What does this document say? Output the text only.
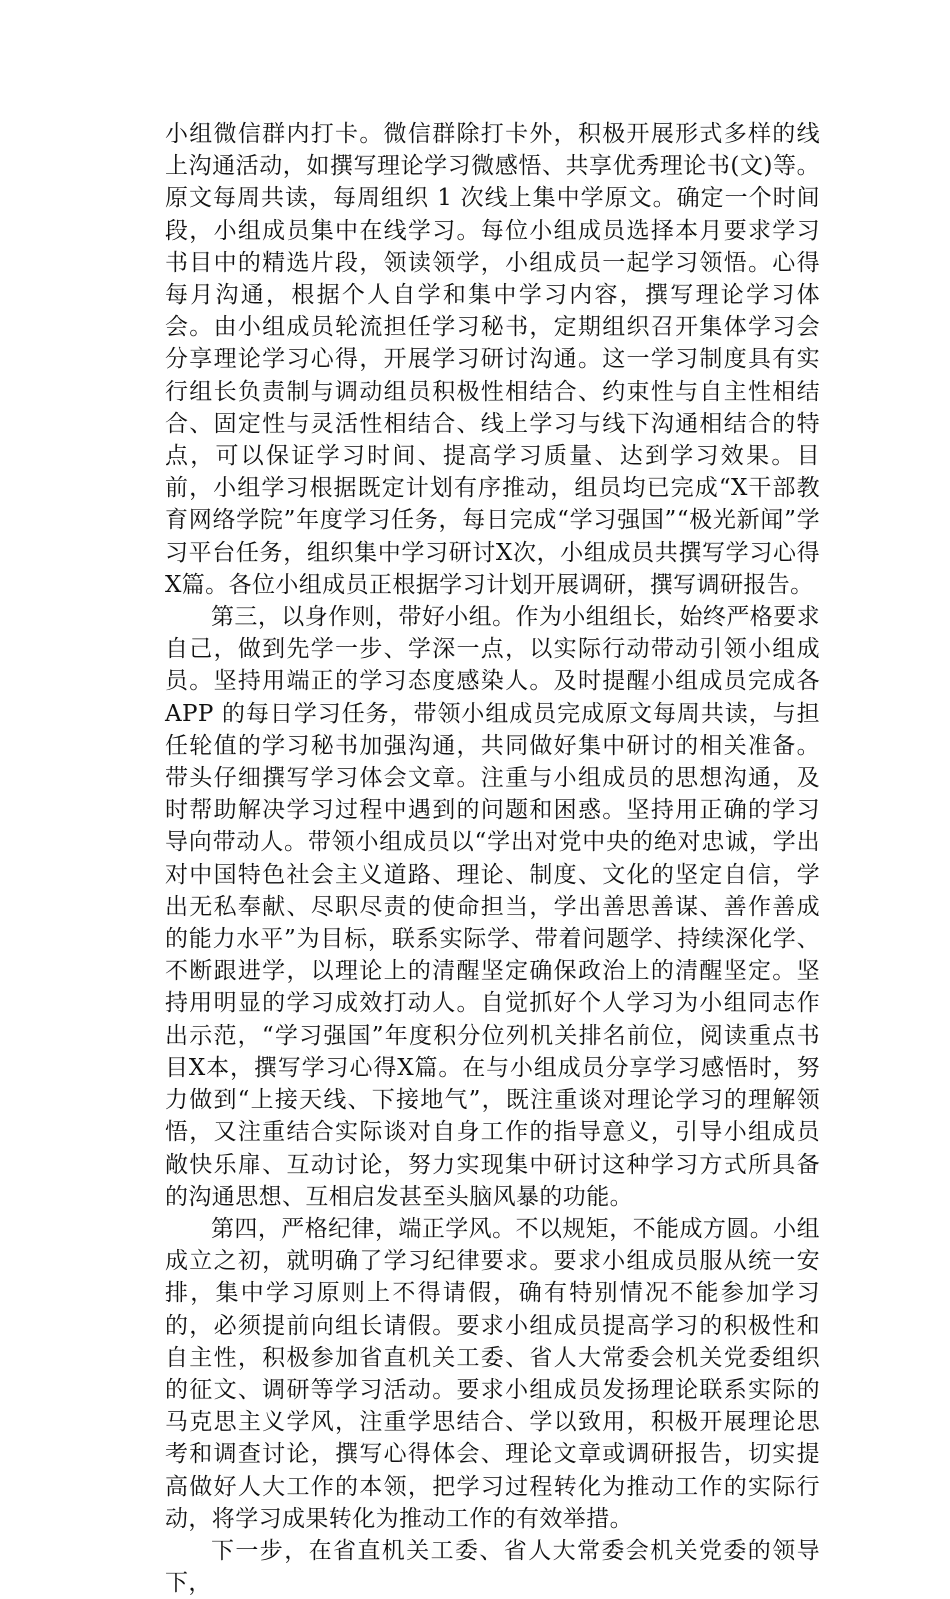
小组微信群内打卡。微信群除打卡外，积极开展形式多样的线上沟通活动，如撰写理论学习微感悟、共享优秀理论书(文)等。原文每周共读，每周组织 1 次线上集中学原文。确定一个时间段，小组成员集中在线学习。每位小组成员选择本月要求学习书目中的精选片段，领读领学，小组成员一起学习领悟。心得每月沟通，根据个人自学和集中学习内容，撰写理论学习体会。由小组成员轮流担任学习秘书，定期组织召开集体学习会分享理论学习心得，开展学习研讨沟通。这一学习制度具有实行组长负责制与调动组员积极性相结合、约束性与自主性相结合、固定性与灵活性相结合、线上学习与线下沟通相结合的特点，可以保证学习时间、提高学习质量、达到学习效果。目前，小组学习根据既定计划有序推动，组员均已完成“X干部教育网络学院”年度学习任务，每日完成“学习强国”“极光新闻”学习平台任务，组织集中学习研讨X次，小组成员共撰写学习心得X篇。各位小组成员正根据学习计划开展调研，撰写调研报告。

第三，以身作则，带好小组。作为小组组长，始终严格要求自己，做到先学一步、学深一点，以实际行动带动引领小组成员。坚持用端正的学习态度感染人。及时提醒小组成员完成各 APP 的每日学习任务，带领小组成员完成原文每周共读，与担任轮值的学习秘书加强沟通，共同做好集中研讨的相关准备。带头仔细撰写学习体会文章。注重与小组成员的思想沟通，及时帮助解决学习过程中遇到的问题和困惑。坚持用正确的学习导向带动人。带领小组成员以“学出对党中央的绝对忠诚，学出对中国特色社会主义道路、理论、制度、文化的坚定自信，学出无私奉献、尽职尽责的使命担当，学出善思善谋、善作善成的能力水平”为目标，联系实际学、带着问题学、持续深化学、不断跟进学，以理论上的清醒坚定确保政治上的清醒坚定。坚持用明显的学习成效打动人。自觉抓好个人学习为小组同志作出示范，“学习强国”年度积分位列机关排名前位，阅读重点书目X本，撰写学习心得X篇。在与小组成员分享学习感悟时，努力做到“上接天线、下接地气”，既注重谈对理论学习的理解领悟，又注重结合实际谈对自身工作的指导意义，引导小组成员敞快乐扉、互动讨论，努力实现集中研讨这种学习方式所具备的沟通思想、互相启发甚至头脑风暴的功能。

第四，严格纪律，端正学风。不以规矩，不能成方圆。小组成立之初，就明确了学习纪律要求。要求小组成员服从统一安排，集中学习原则上不得请假，确有特别情况不能参加学习的，必须提前向组长请假。要求小组成员提高学习的积极性和自主性，积极参加省直机关工委、省人大常委会机关党委组织的征文、调研等学习活动。要求小组成员发扬理论联系实际的马克思主义学风，注重学思结合、学以致用，积极开展理论思考和调查讨论，撰写心得体会、理论文章或调研报告，切实提高做好人大工作的本领，把学习过程转化为推动工作的实际行动，将学习成果转化为推动工作的有效举措。

下一步，在省直机关工委、省人大常委会机关党委的领导下，
